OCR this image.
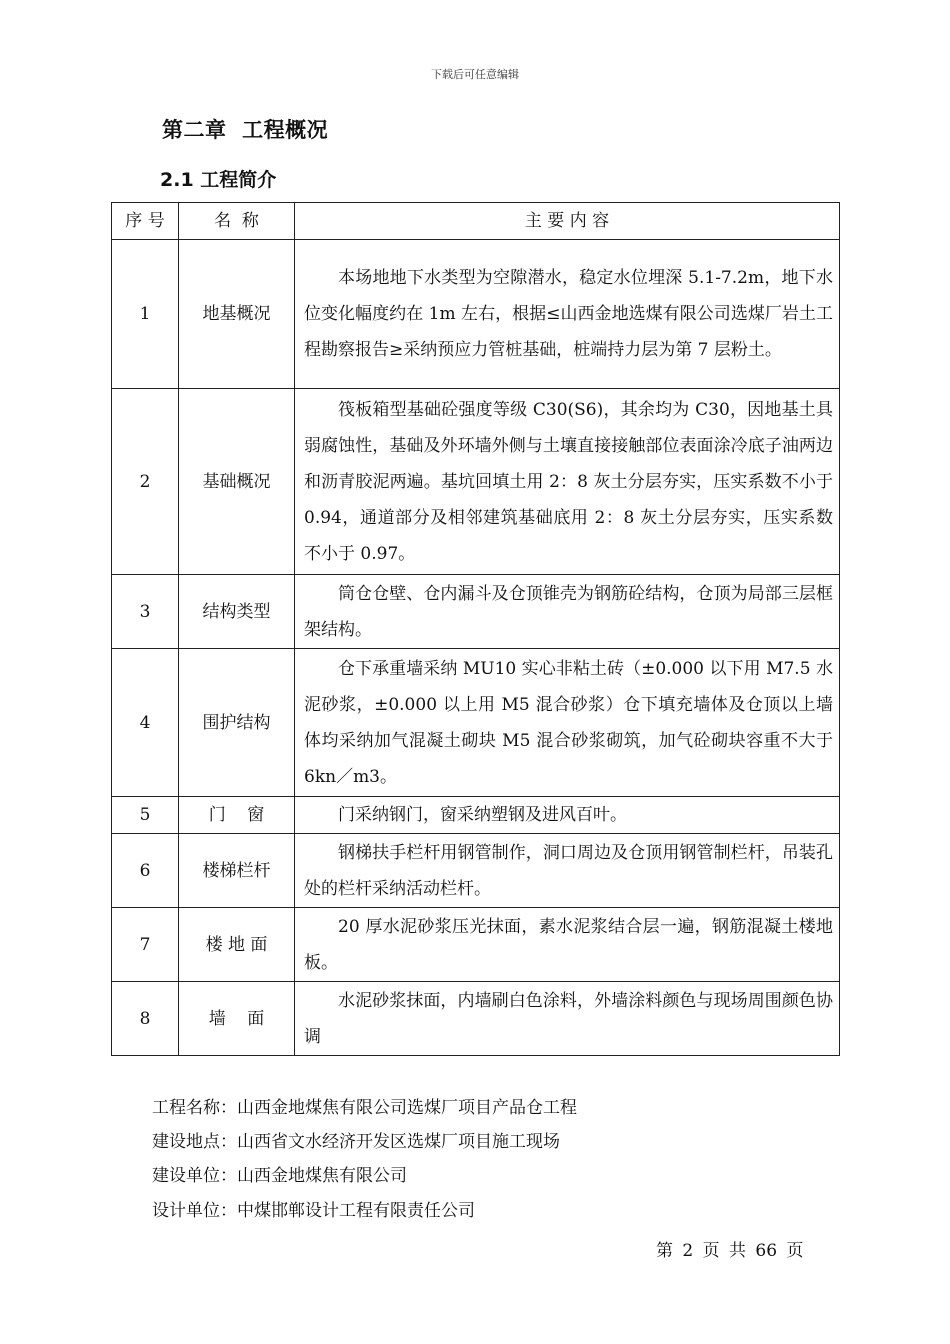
下载后可任意编辑
第二章  工程概况
2.1 工程简介
序 号	名  称	主 要 内 容
1	地基概况	本场地地下水类型为空隙潜水，稳定水位埋深 5.1-7.2m，地下水位变化幅度约在 1m 左右，根据≤山西金地选煤有限公司选煤厂岩土工程勘察报告≥采纳预应力管桩基础，桩端持力层为第 7 层粉土。
2	基础概况	筏板箱型基础砼强度等级 C30(S6)，其余均为 C30，因地基土具弱腐蚀性，基础及外环墙外侧与土壤直接接触部位表面涂冷底子油两边和沥青胶泥两遍。基坑回填土用 2：8 灰土分层夯实，压实系数不小于 0.94，通道部分及相邻建筑基础底用 2：8 灰土分层夯实，压实系数不小于 0.97。
3	结构类型	筒仓仓壁、仓内漏斗及仓顶锥壳为钢筋砼结构，仓顶为局部三层框架结构。
4	围护结构	仓下承重墙采纳 MU10 实心非粘土砖（±0.000 以下用 M7.5 水泥砂浆，±0.000 以上用 M5 混合砂浆）仓下填充墙体及仓顶以上墙体均采纳加气混凝土砌块 M5 混合砂浆砌筑，加气砼砌块容重不大于 6kn／m3。
5	门    窗	门采纳钢门，窗采纳塑钢及进风百叶。
6	楼梯栏杆	钢梯扶手栏杆用钢管制作，洞口周边及仓顶用钢管制栏杆，吊装孔处的栏杆采纳活动栏杆。
7	楼 地 面	20 厚水泥砂浆压光抹面，素水泥浆结合层一遍，钢筋混凝土楼地板。
8	墙    面	水泥砂浆抹面，内墙刷白色涂料，外墙涂料颜色与现场周围颜色协调
工程名称：山西金地煤焦有限公司选煤厂项目产品仓工程
建设地点：山西省文水经济开发区选煤厂项目施工现场
建设单位：山西金地煤焦有限公司
设计单位：中煤邯郸设计工程有限责任公司
第 2 页 共 66 页
